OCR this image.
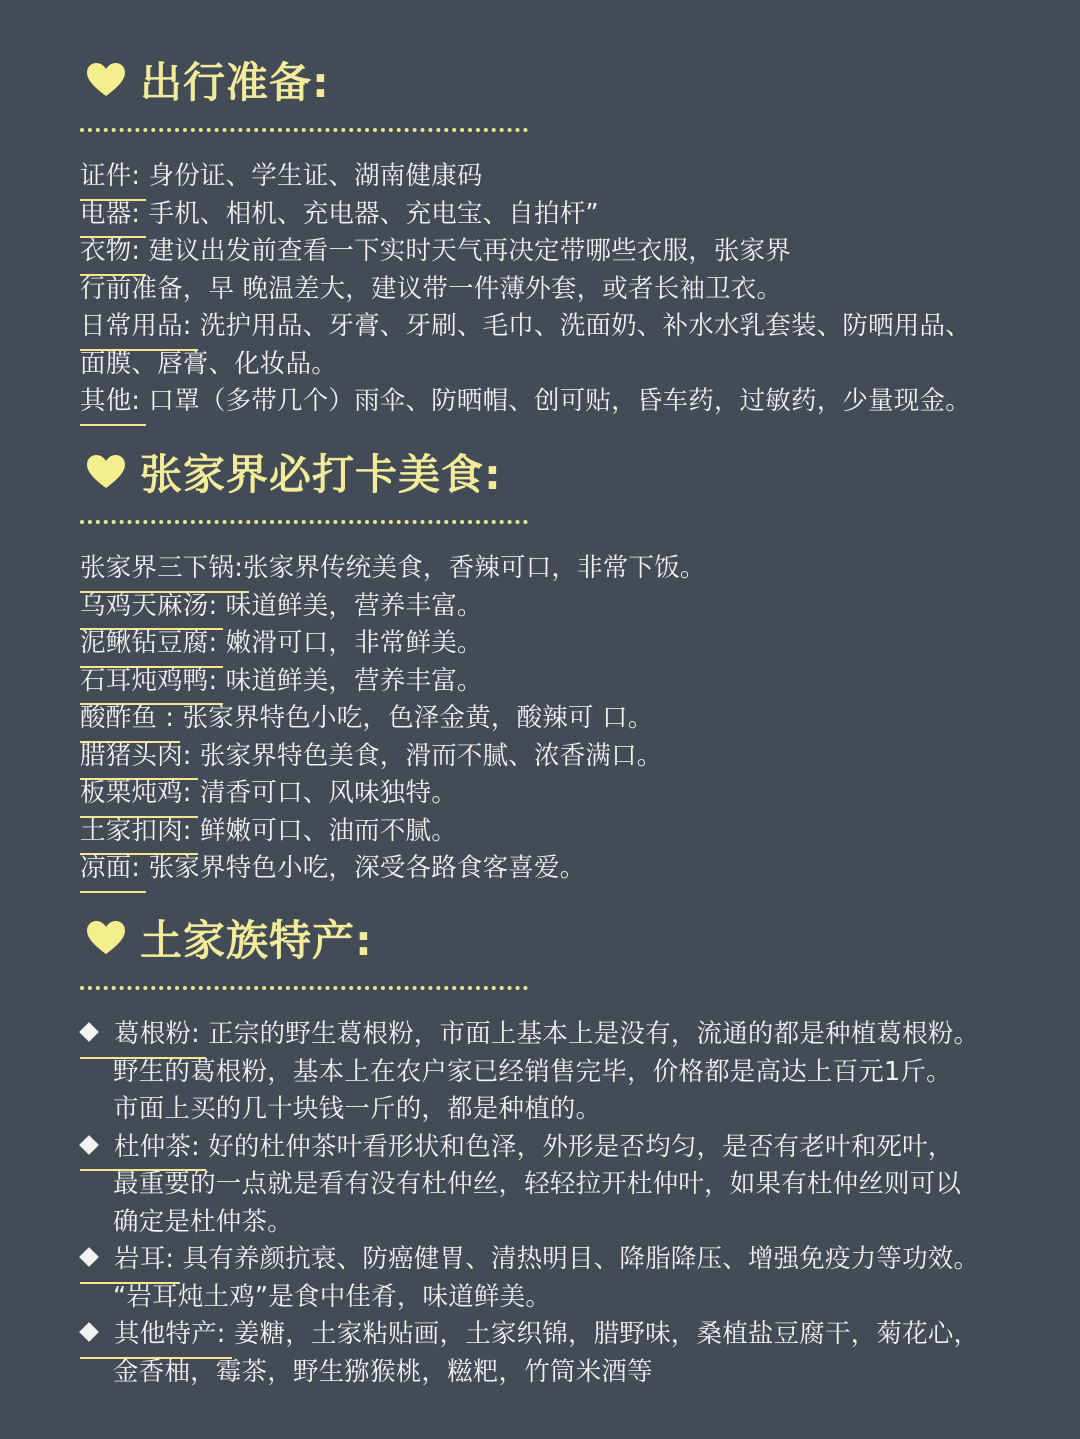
出行准备:
证件: 身份证、学生证、湖南健康码
电器: 手机、相机、充电器、充电宝、自拍杆”
衣物: 建议出发前查看一下实时天气再决定带哪些衣服，张家界
行前准备，早 晚温差大，建议带一件薄外套，或者长袖卫衣。
日常用品: 洗护用品、牙膏、牙刷、毛巾、洗面奶、补水水乳套装、防晒用品、
面膜、唇膏、化妆品。
其他: 口罩（多带几个）雨伞、防晒帽、创可贴，昏车药，过敏药，少量现金。
张家界必打卡美食:
张家界三下锅:张家界传统美食，香辣可口，非常下饭。
乌鸡天麻汤: 味道鲜美，营养丰富。
泥鳅钻豆腐: 嫩滑可口，非常鲜美。
石耳炖鸡鸭: 味道鲜美，营养丰富。
酸酢鱼 : 张家界特色小吃，色泽金黄，酸辣可 口。
腊猪头肉: 张家界特色美食，滑而不腻、浓香满口。
板栗炖鸡: 清香可口、风味独特。
土家扣肉: 鲜嫩可口、油而不腻。
凉面: 张家界特色小吃，深受各路食客喜爱。
土家族特产:
葛根粉: 正宗的野生葛根粉，市面上基本上是没有，流通的都是种植葛根粉。
野生的葛根粉，基本上在农户家已经销售完毕，价格都是高达上百元1斤。
市面上买的几十块钱一斤的，都是种植的。
杜仲茶: 好的杜仲茶叶看形状和色泽，外形是否均匀，是否有老叶和死叶，
最重要的一点就是看有没有杜仲丝，轻轻拉开杜仲叶，如果有杜仲丝则可以
确定是杜仲茶。
岩耳: 具有养颜抗衰、防癌健胃、清热明目、降脂降压、增强免疫力等功效。
“岩耳炖土鸡”是食中佳肴，味道鲜美。
其他特产: 姜糖，土家粘贴画，土家织锦，腊野味，桑植盐豆腐干，菊花心，
金香柚，霉茶，野生猕猴桃，糍粑，竹筒米酒等
